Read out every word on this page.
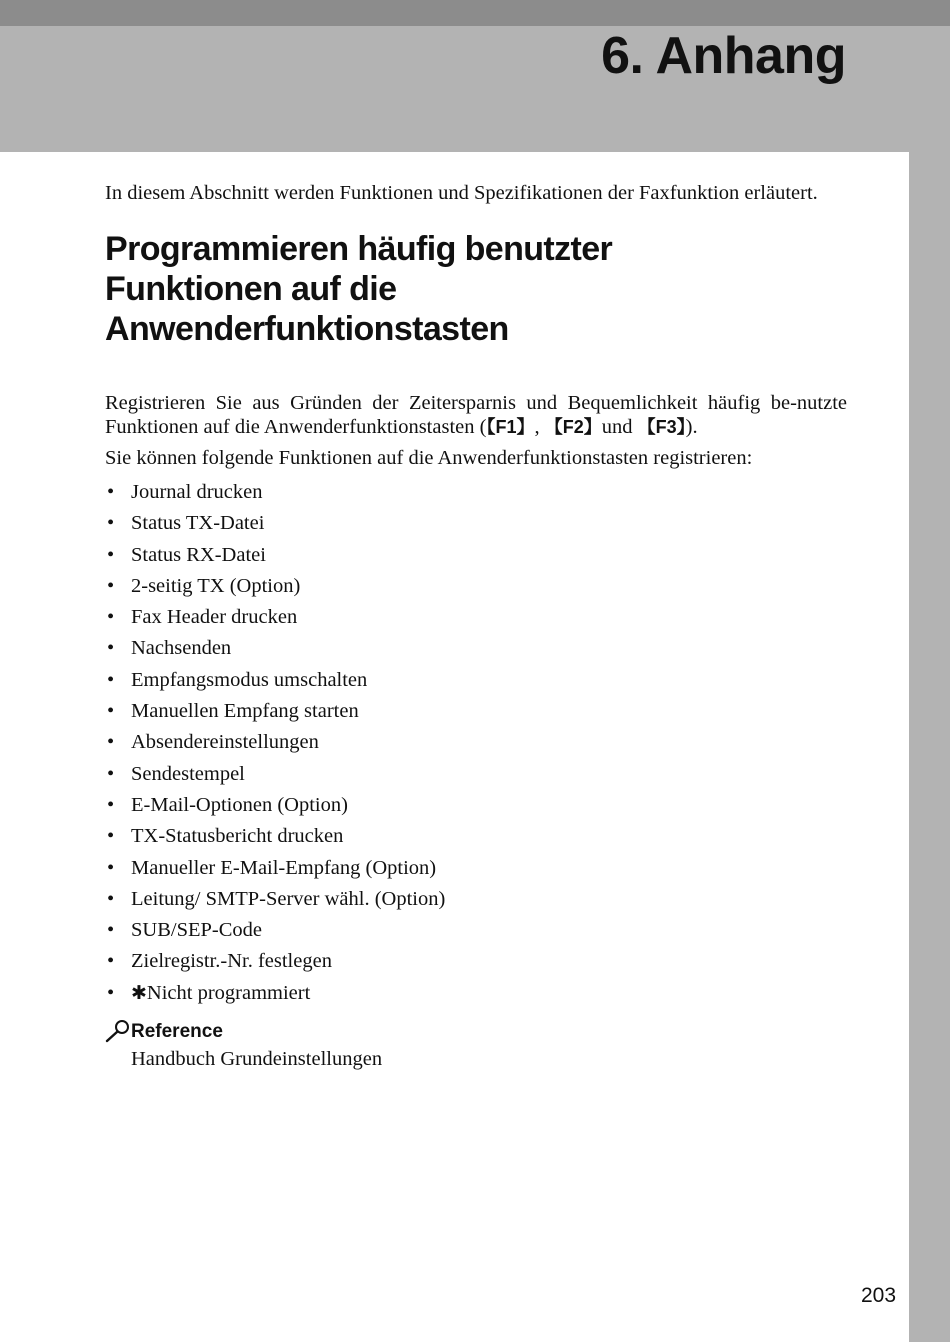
6. Anhang

In diesem Abschnitt werden Funktionen und Spezifikationen der Faxfunktion erläutert.

Programmieren häufig benutzter
Funktionen auf die
Anwenderfunktionstasten

Registrieren Sie aus Gründen der Zeitersparnis und Bequemlichkeit häufig be-nutzte Funktionen auf die Anwenderfunktionstasten (【F1】, 【F2】und 【F3】).

Sie können folgende Funktionen auf die Anwenderfunktionstasten registrieren:

• Journal drucken
• Status TX-Datei
• Status RX-Datei
• 2-seitig TX (Option)
• Fax Header drucken
• Nachsenden
• Empfangsmodus umschalten
• Manuellen Empfang starten
• Absendereinstellungen
• Sendestempel
• E-Mail-Optionen (Option)
• TX-Statusbericht drucken
• Manueller E-Mail-Empfang (Option)
• Leitung/ SMTP-Server wähl. (Option)
• SUB/SEP-Code
• Zielregistr.-Nr. festlegen
• ✱Nicht programmiert
Reference
Handbuch Grundeinstellungen
203
